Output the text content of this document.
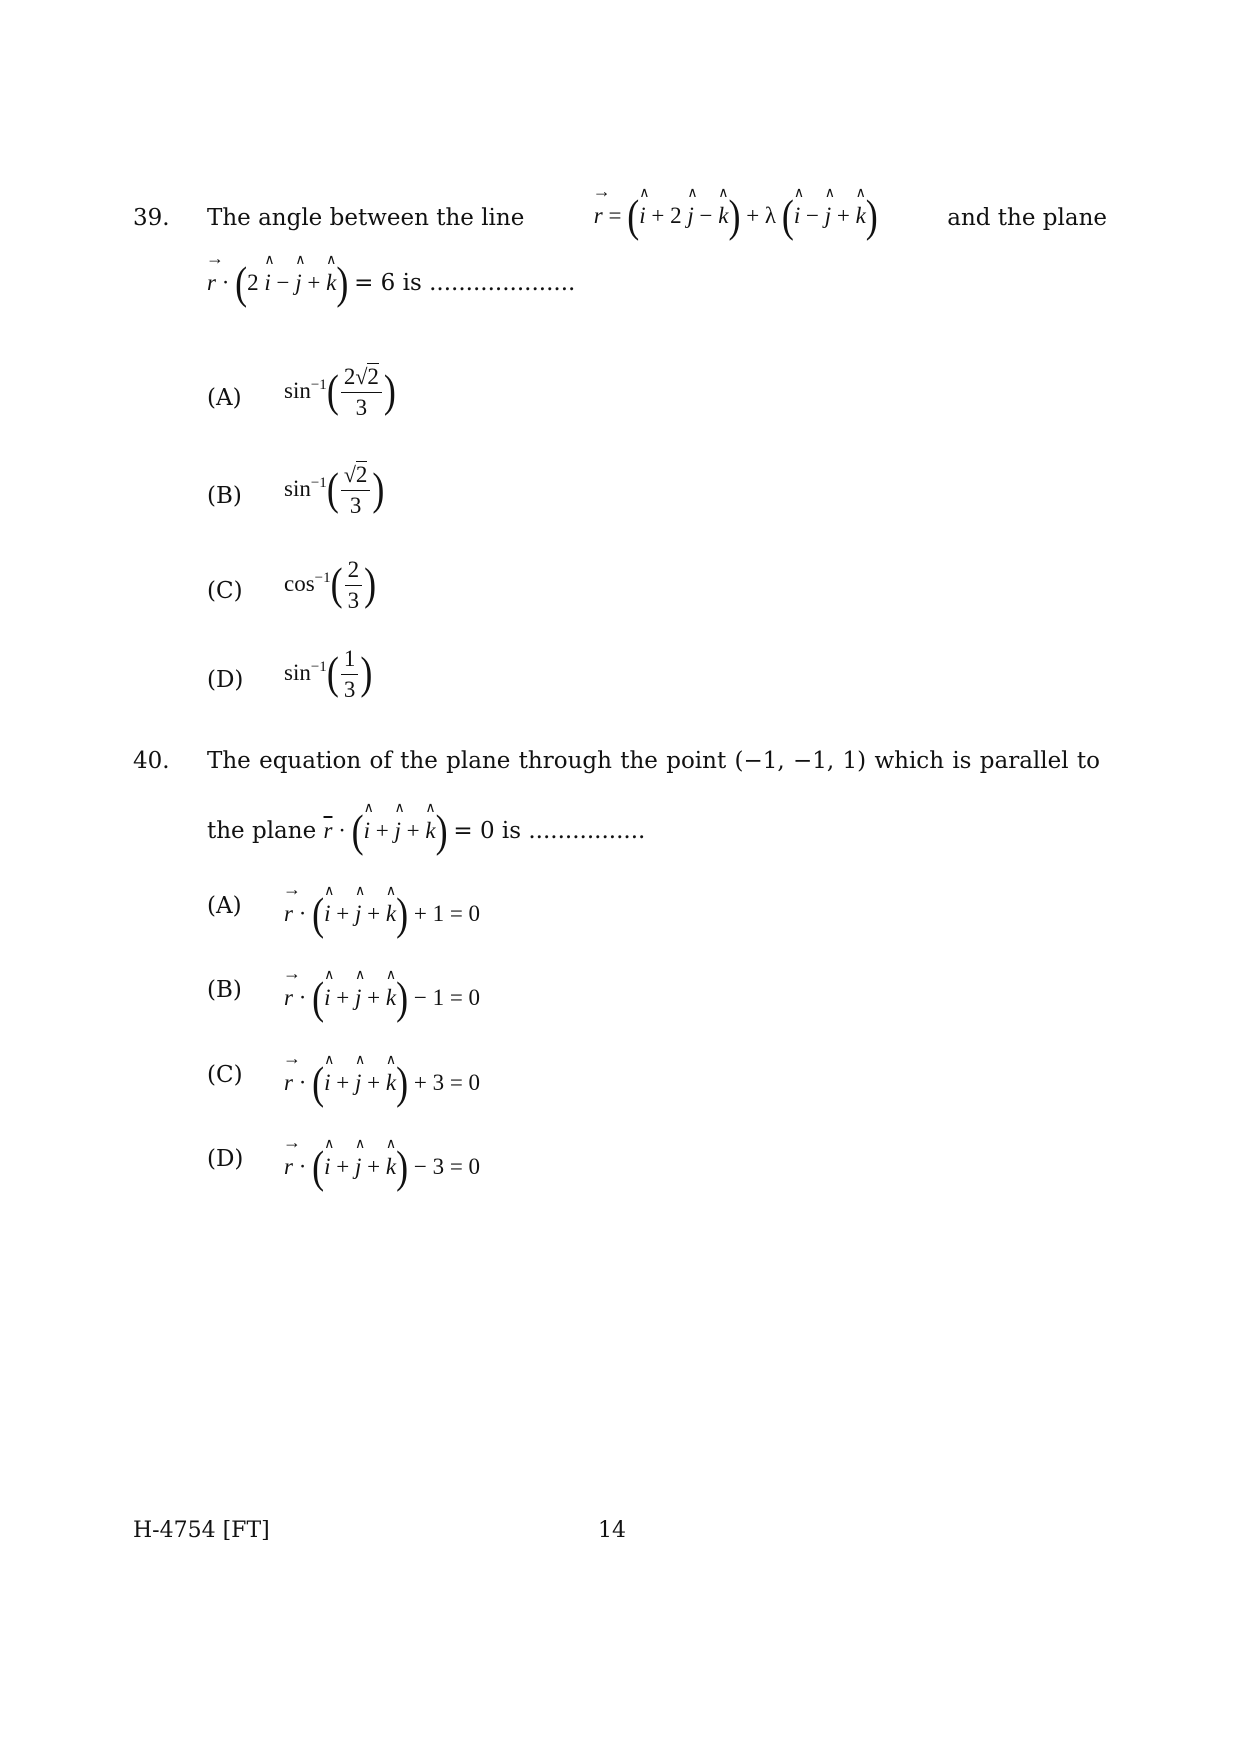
39. The angle between the line	→ r = (∧ i + 2 ∧ j − ∧ k) + λ (∧ i − ∧ j + ∧ k)	and the plane
→ r · (2 ∧ i − ∧ j + ∧ k) = 6 is ....................
(A) $\sin^{-1}( \frac{2√2}{3}$ )
(B) $\sin^{-1}( \frac{√2}{3}$ )
(C) $\cos^{-1}( \frac{2}{3}$ )
(D) $\sin^{-1}( \frac{1}{3}$ )
40. The equation of the plane through the point (−1, −1, 1) which is parallel to
the plane $\overline{r}$ · (∧ i + ∧ j + ∧ k) = 0 is ................
(A) → r · (∧ i + ∧ j + ∧ k) + 1 = 0
(B) → r · (∧ i + ∧ j + ∧ k) − 1 = 0
(C) → r · (∧ i + ∧ j + ∧ k) + 3 = 0
(D) → r · (∧ i + ∧ j + ∧ k) − 3 = 0
H-4754 [FT]	14
